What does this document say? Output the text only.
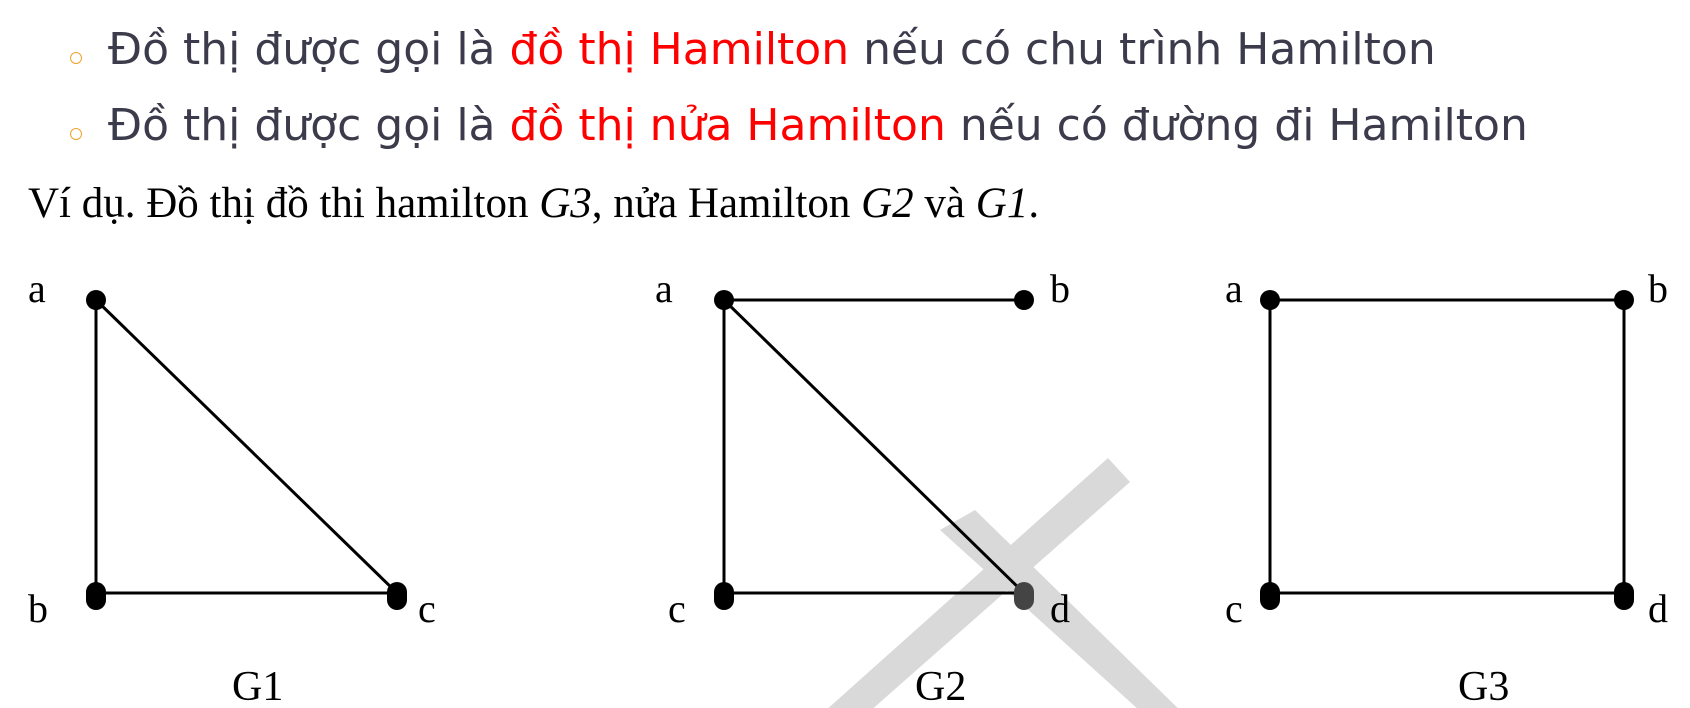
Đồ thị được gọi là đồ thị Hamilton nếu có chu trình Hamilton
Đồ thị được gọi là đồ thị nửa Hamilton nếu có đường đi Hamilton
Ví dụ. Đồ thị đồ thi hamilton G3, nửa Hamilton G2 và G1.
a
b	c
G1
a	b
c	d
G2
a	b
c	d
G3
